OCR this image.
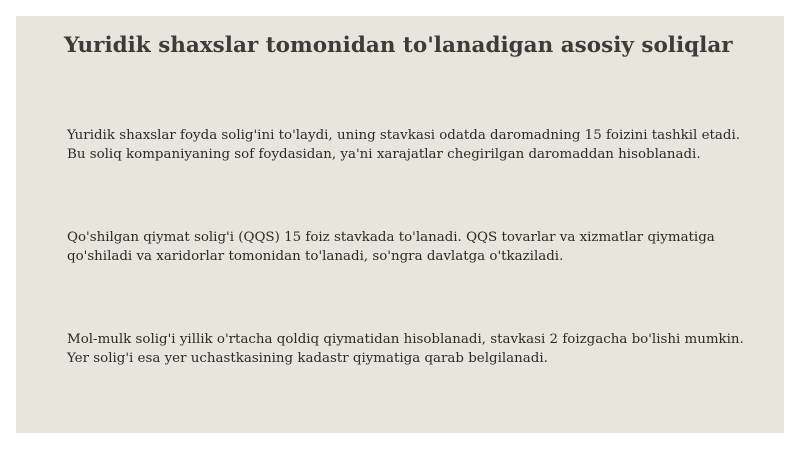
Yuridik shaxslar tomonidan to'lanadigan asosiy soliqlar

Yuridik shaxslar foyda solig'ini to'laydi, uning stavkasi odatda daromadning 15 foizini tashkil etadi. Bu soliq kompaniyaning sof foydasidan, ya'ni xarajatlar chegirilgan daromaddan hisoblanadi.

Qo'shilgan qiymat solig'i (QQS) 15 foiz stavkada to'lanadi. QQS tovarlar va xizmatlar qiymatiga qo'shiladi va xaridorlar tomonidan to'lanadi, so'ngra davlatga o'tkaziladi.

Mol-mulk solig'i yillik o'rtacha qoldiq qiymatidan hisoblanadi, stavkasi 2 foizgacha bo'lishi mumkin. Yer solig'i esa yer uchastkasining kadastr qiymatiga qarab belgilanadi.
